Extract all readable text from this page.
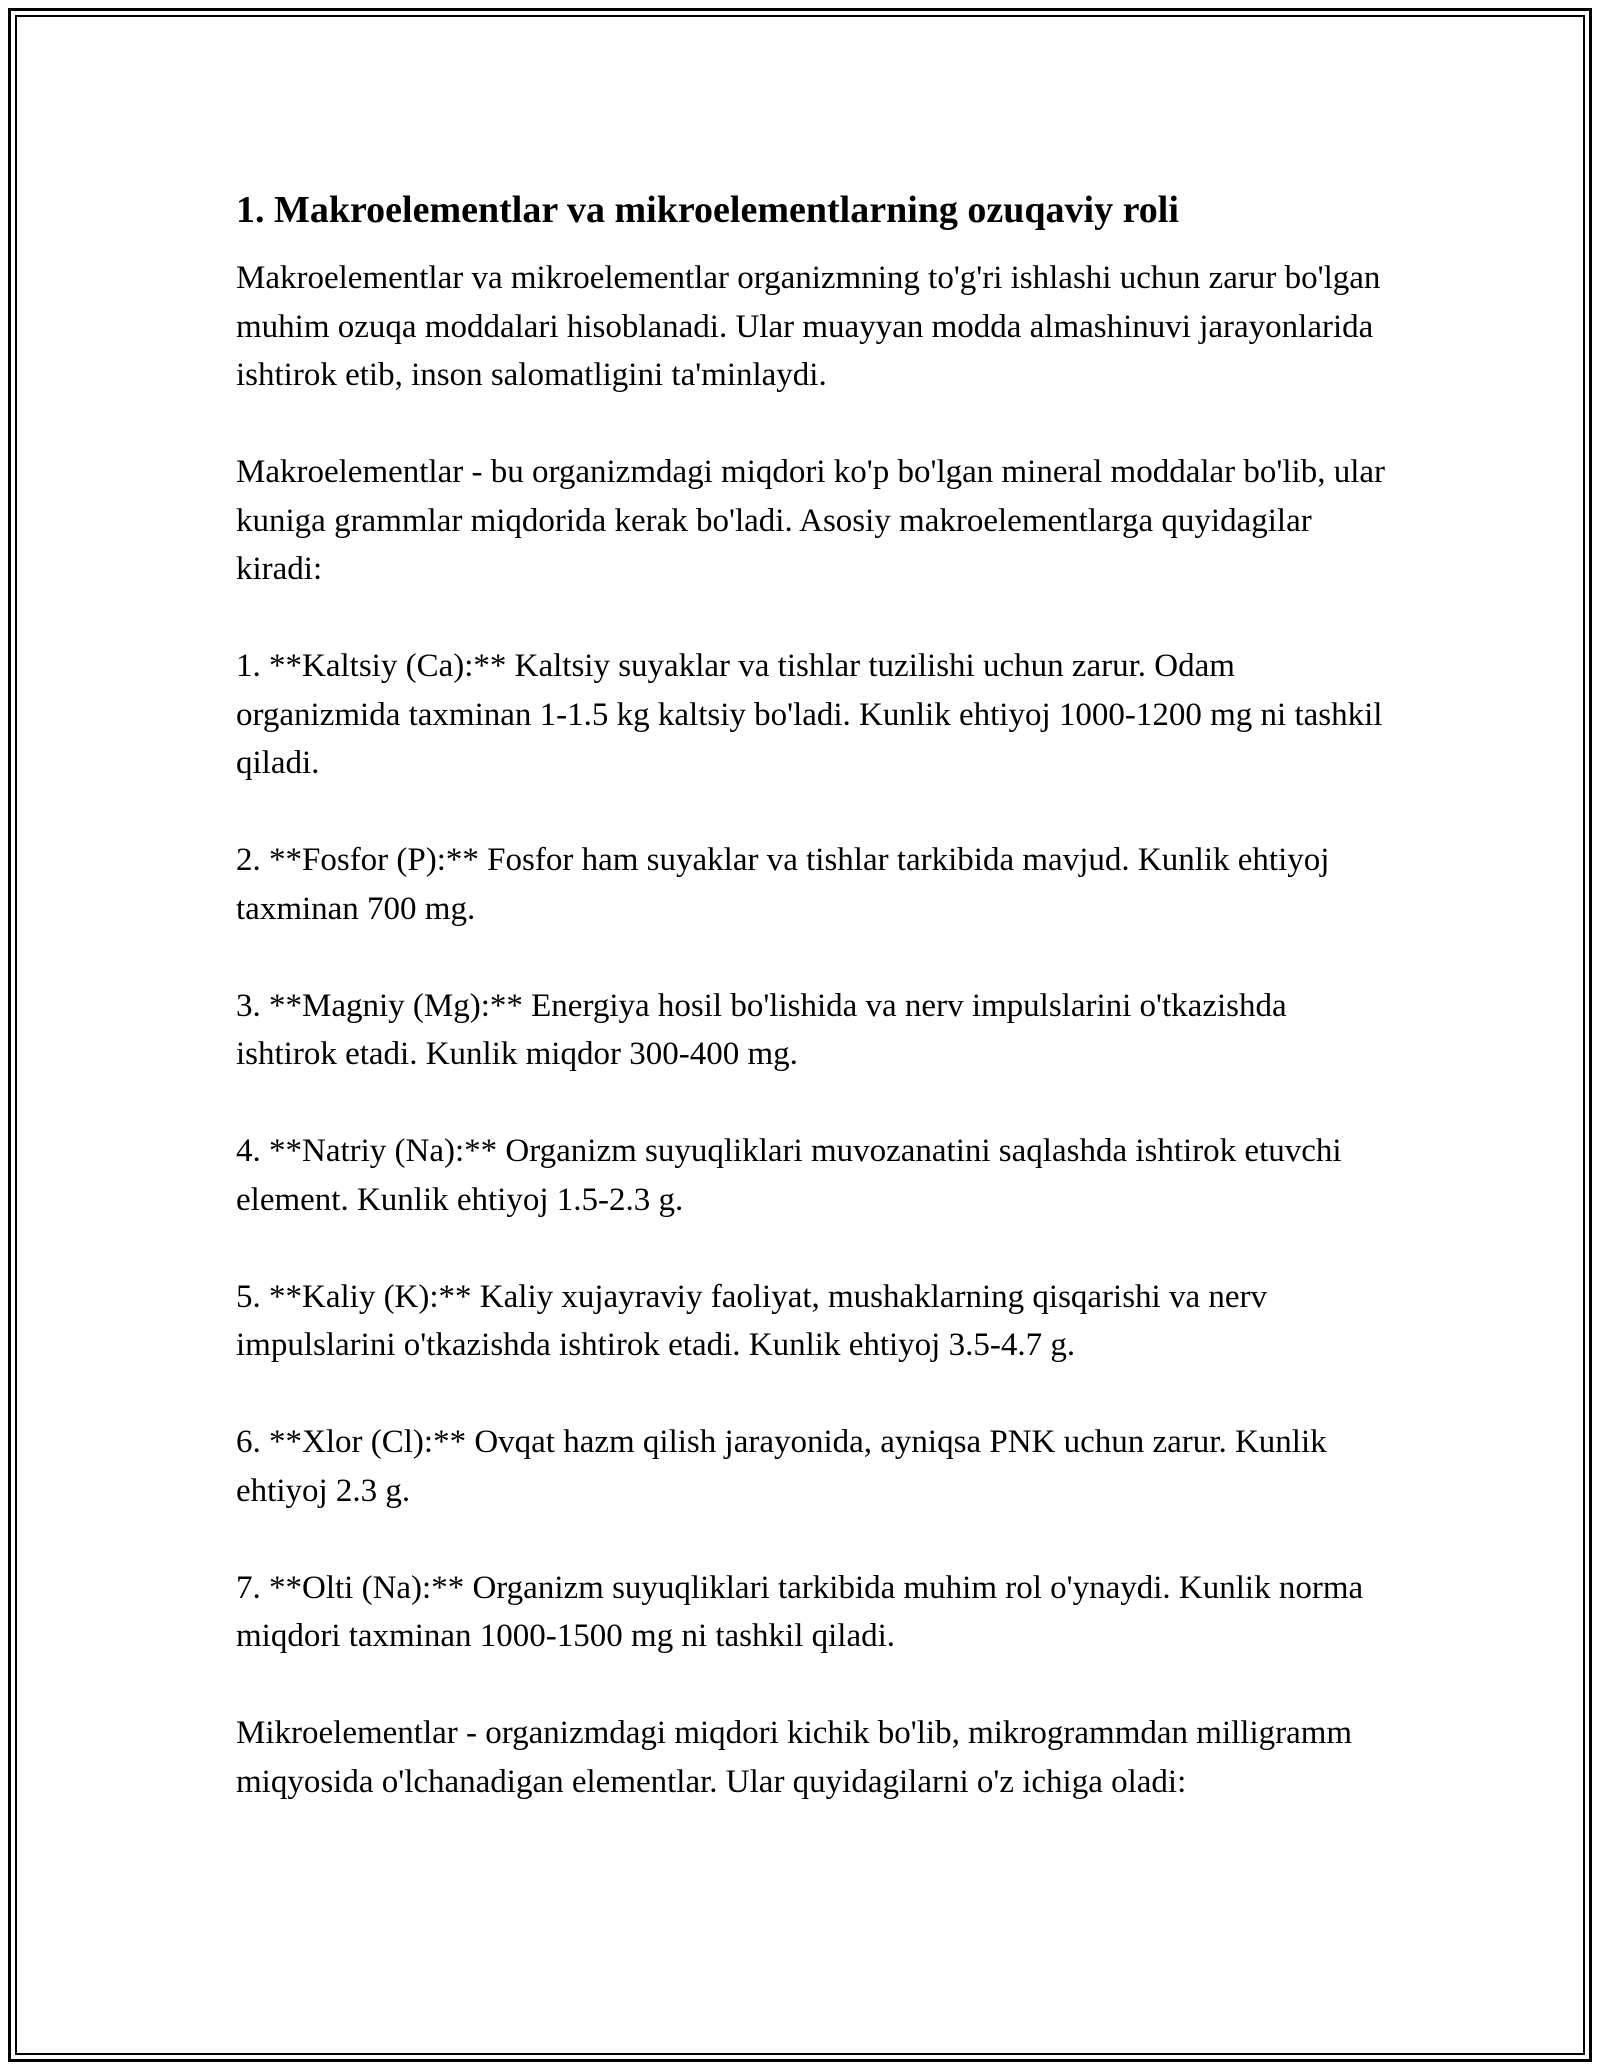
1. Makroelementlar va mikroelementlarning ozuqaviy roli

Makroelementlar va mikroelementlar organizmning to'g'ri ishlashi uchun zarur bo'lgan muhim ozuqa moddalari hisoblanadi. Ular muayyan modda almashinuvi jarayonlarida ishtirok etib, inson salomatligini ta'minlaydi.

Makroelementlar - bu organizmdagi miqdori ko'p bo'lgan mineral moddalar bo'lib, ular kuniga grammlar miqdorida kerak bo'ladi. Asosiy makroelementlarga quyidagilar kiradi:

1. **Kaltsiy (Ca):** Kaltsiy suyaklar va tishlar tuzilishi uchun zarur. Odam organizmida taxminan 1-1.5 kg kaltsiy bo'ladi. Kunlik ehtiyoj 1000-1200 mg ni tashkil qiladi.

2. **Fosfor (P):** Fosfor ham suyaklar va tishlar tarkibida mavjud. Kunlik ehtiyoj taxminan 700 mg.

3. **Magniy (Mg):** Energiya hosil bo'lishida va nerv impulslarini o'tkazishda ishtirok etadi. Kunlik miqdor 300-400 mg.

4. **Natriy (Na):** Organizm suyuqliklari muvozanatini saqlashda ishtirok etuvchi element. Kunlik ehtiyoj 1.5-2.3 g.

5. **Kaliy (K):** Kaliy xujayraviy faoliyat, mushaklarning qisqarishi va nerv impulslarini o'tkazishda ishtirok etadi. Kunlik ehtiyoj 3.5-4.7 g.

6. **Xlor (Cl):** Ovqat hazm qilish jarayonida, ayniqsa PNK uchun zarur. Kunlik ehtiyoj 2.3 g.

7. **Olti (Na):** Organizm suyuqliklari tarkibida muhim rol o'ynaydi. Kunlik norma miqdori taxminan 1000-1500 mg ni tashkil qiladi.

Mikroelementlar - organizmdagi miqdori kichik bo'lib, mikrogrammdan milligramm miqyosida o'lchanadigan elementlar. Ular quyidagilarni o'z ichiga oladi:
